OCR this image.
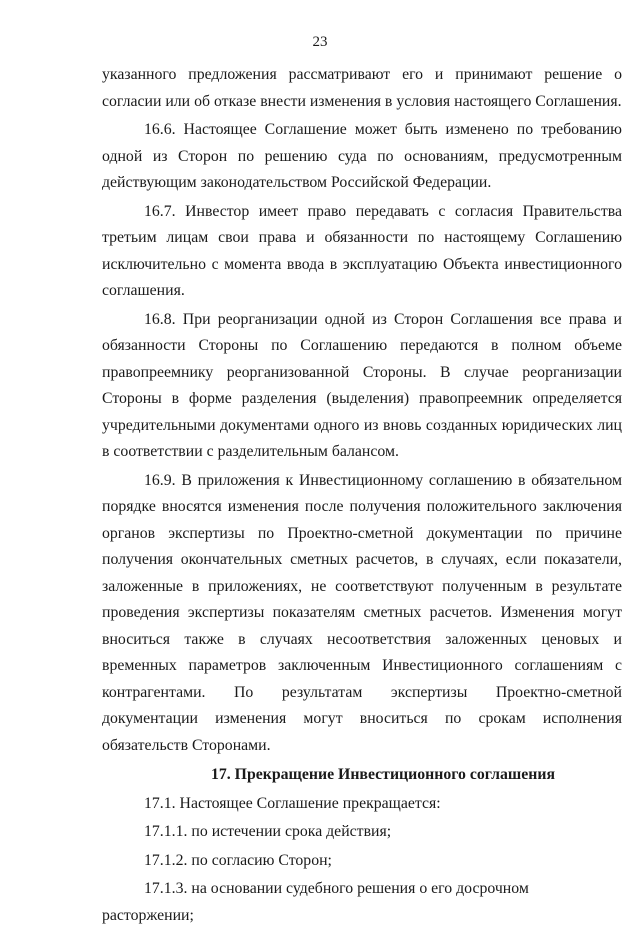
23

указанного предложения рассматривают его и принимают решение о согласии или об отказе внести изменения в условия настоящего Соглашения.

16.6. Настоящее Соглашение может быть изменено по требованию одной из Сторон по решению суда по основаниям, предусмотренным действующим законодательством Российской Федерации.

16.7. Инвестор имеет право передавать с согласия Правительства третьим лицам свои права и обязанности по настоящему Соглашению исключительно с момента ввода в эксплуатацию Объекта инвестиционного соглашения.

16.8. При реорганизации одной из Сторон Соглашения все права и обязанности Стороны по Соглашению передаются в полном объеме правопреемнику реорганизованной Стороны. В случае реорганизации Стороны в форме разделения (выделения) правопреемник определяется учредительными документами одного из вновь созданных юридических лиц в соответствии с разделительным балансом.

16.9. В приложения к Инвестиционному соглашению в обязательном порядке вносятся изменения после получения положительного заключения органов экспертизы по Проектно-сметной документации по причине получения окончательных сметных расчетов, в случаях, если показатели, заложенные в приложениях, не соответствуют полученным в результате проведения экспертизы показателям сметных расчетов. Изменения могут вноситься также в случаях несоответствия заложенных ценовых и временных параметров заключенным Инвестиционного соглашениям с контрагентами. По результатам экспертизы Проектно-сметной документации изменения могут вноситься по срокам исполнения обязательств Сторонами.

17. Прекращение Инвестиционного соглашения

17.1. Настоящее Соглашение прекращается:

17.1.1. по истечении срока действия;

17.1.2. по согласию Сторон;

17.1.3. на основании судебного решения о его досрочном расторжении;
